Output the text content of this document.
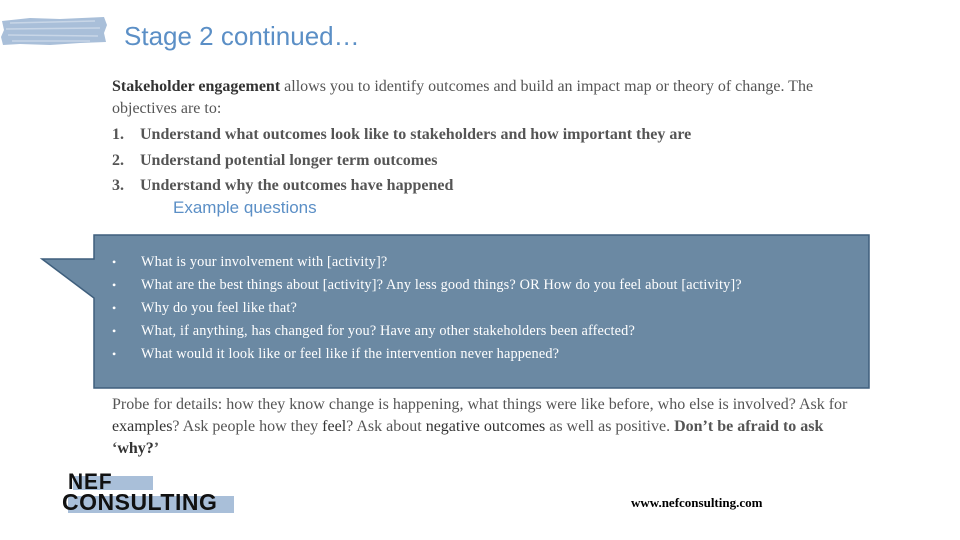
Stage 2 continued…
Stakeholder engagement allows you to identify outcomes and build an impact map or theory of change. The objectives are to:
1. Understand what outcomes look like to stakeholders and how important they are
2. Understand potential longer term outcomes
3. Understand why the outcomes have happened
Example questions
• What is your involvement with [activity]?
• What are the best things about [activity]? Any less good things? OR How do you feel about [activity]?
• Why do you feel like that?
• What, if anything, has changed for you? Have any other stakeholders been affected?
• What would it look like or feel like if the intervention never happened?
Probe for details: how they know change is happening, what things were like before, who else is involved? Ask for examples? Ask people how they feel? Ask about negative outcomes as well as positive. Don’t be afraid to ask ‘why?’
NEF
CONSULTING	www.nefconsulting.com
